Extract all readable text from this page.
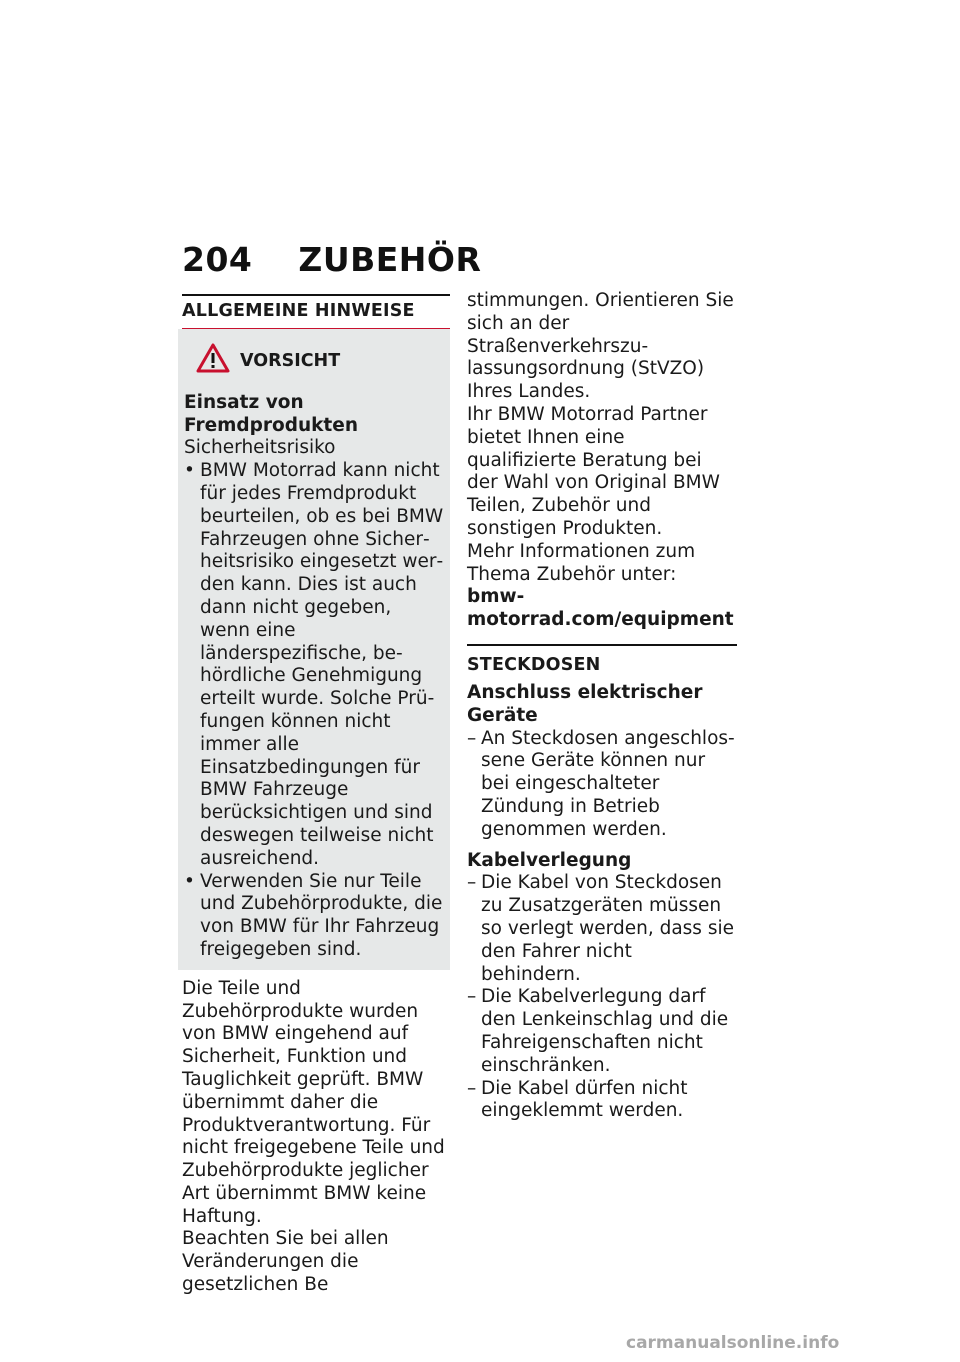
204 ZUBEHÖR
ALLGEMEINE HINWEISE
VORSICHT

Einsatz von Fremdprodukten

Sicherheitsrisiko

• BMW Motorrad kann nicht für jedes Fremdprodukt beurteilen, ob es bei BMW Fahrzeugen ohne Sicherheitsrisiko eingesetzt werden kann. Dies ist auch dann nicht gegeben, wenn eine länderspezifische, behördliche Genehmigung erteilt wurde. Solche Prüfungen können nicht immer alle Einsatzbedingungen für BMW Fahrzeuge berücksichtigen und sind deswegen teilweise nicht ausreichend.

• Verwenden Sie nur Teile und Zubehörprodukte, die von BMW für Ihr Fahrzeug freigegeben sind.

Die Teile und Zubehörprodukte wurden von BMW eingehend auf Sicherheit, Funktion und Tauglichkeit geprüft. BMW übernimmt daher die Produktverantwortung. Für nicht freigegebene Teile und Zubehörprodukte jeglicher Art übernimmt BMW keine Haftung.

Beachten Sie bei allen Veränderungen die gesetzlichen Be

stimmungen. Orientieren Sie sich an der Straßenverkehrszulassungsordnung (StVZO) Ihres Landes.

Ihr BMW Motorrad Partner bietet Ihnen eine qualifizierte Beratung bei der Wahl von Original BMW Teilen, Zubehör und sonstigen Produkten.

Mehr Informationen zum Thema Zubehör unter:

bmw-motorrad.com/equipment

STECKDOSEN

Anschluss elektrischer Geräte

– An Steckdosen angeschlossene Geräte können nur bei eingeschalteter Zündung in Betrieb genommen werden.

Kabelverlegung

– Die Kabel von Steckdosen zu Zusatzgeräten müssen so verlegt werden, dass sie den Fahrer nicht behindern.

– Die Kabelverlegung darf den Lenkeinschlag und die Fahreigenschaften nicht einschränken.

– Die Kabel dürfen nicht eingeklemmt werden.

carmanualsonline.info
